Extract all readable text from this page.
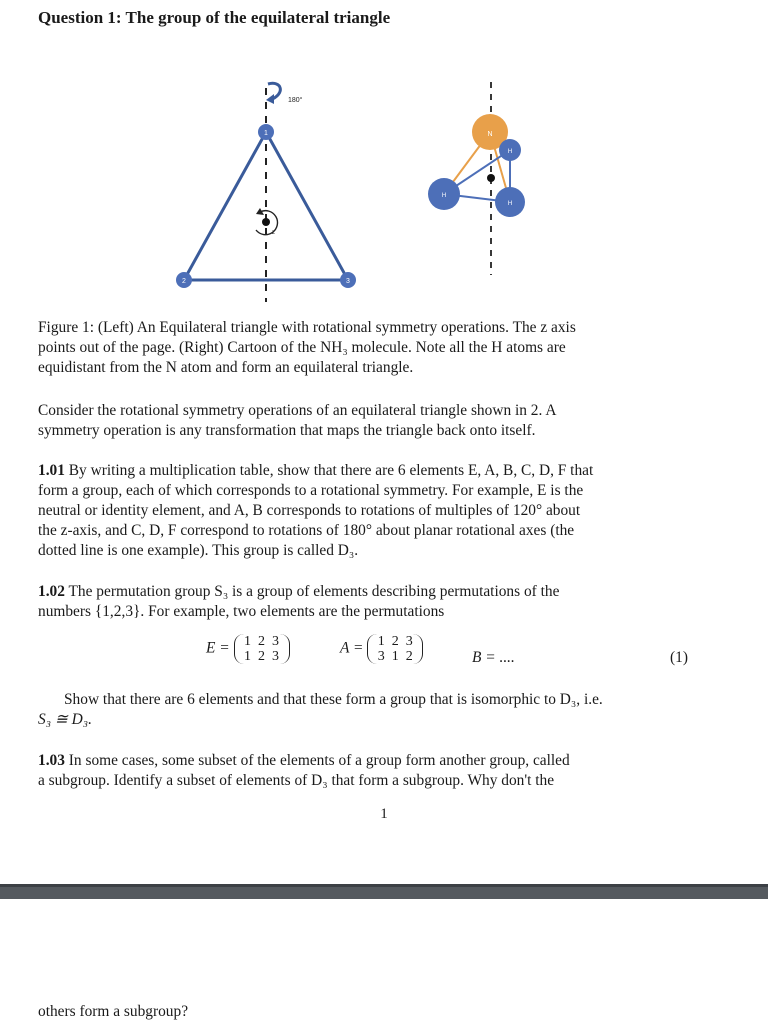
Question 1: The group of the equilateral triangle
180°
1
2	3
z
N
H
H
H
Figure 1: (Left) An Equilateral triangle with rotational symmetry operations. The z axis
points out of the page. (Right) Cartoon of the NH₃ molecule. Note all the H atoms are
equidistant from the N atom and form an equilateral triangle.
Consider the rotational symmetry operations of an equilateral triangle shown in 2. A
symmetry operation is any transformation that maps the triangle back onto itself.
1.01 By writing a multiplication table, show that there are 6 elements E, A, B, C, D, F that
form a group, each of which corresponds to a rotational symmetry. For example, E is the
neutral or identity element, and A, B corresponds to rotations of multiples of 120° about
the z-axis, and C, D, F correspond to rotations of 180° about planar rotational axes (the
dotted line is one example). This group is called D₃.
1.02 The permutation group S₃ is a group of elements describing permutations of the
numbers {1,2,3}. For example, two elements are the permutations
E = 1 2 3
1 2 3	A = 1 2 3
3 1 2	B = ....	(1)
Show that there are 6 elements and that these form a group that is isomorphic to D₃, i.e.
S₃ ≅ D₃.
1.03 In some cases, some subset of the elements of a group form another group, called
a subgroup. Identify a subset of elements of D₃ that form a subgroup. Why don't the
1
others form a subgroup?
